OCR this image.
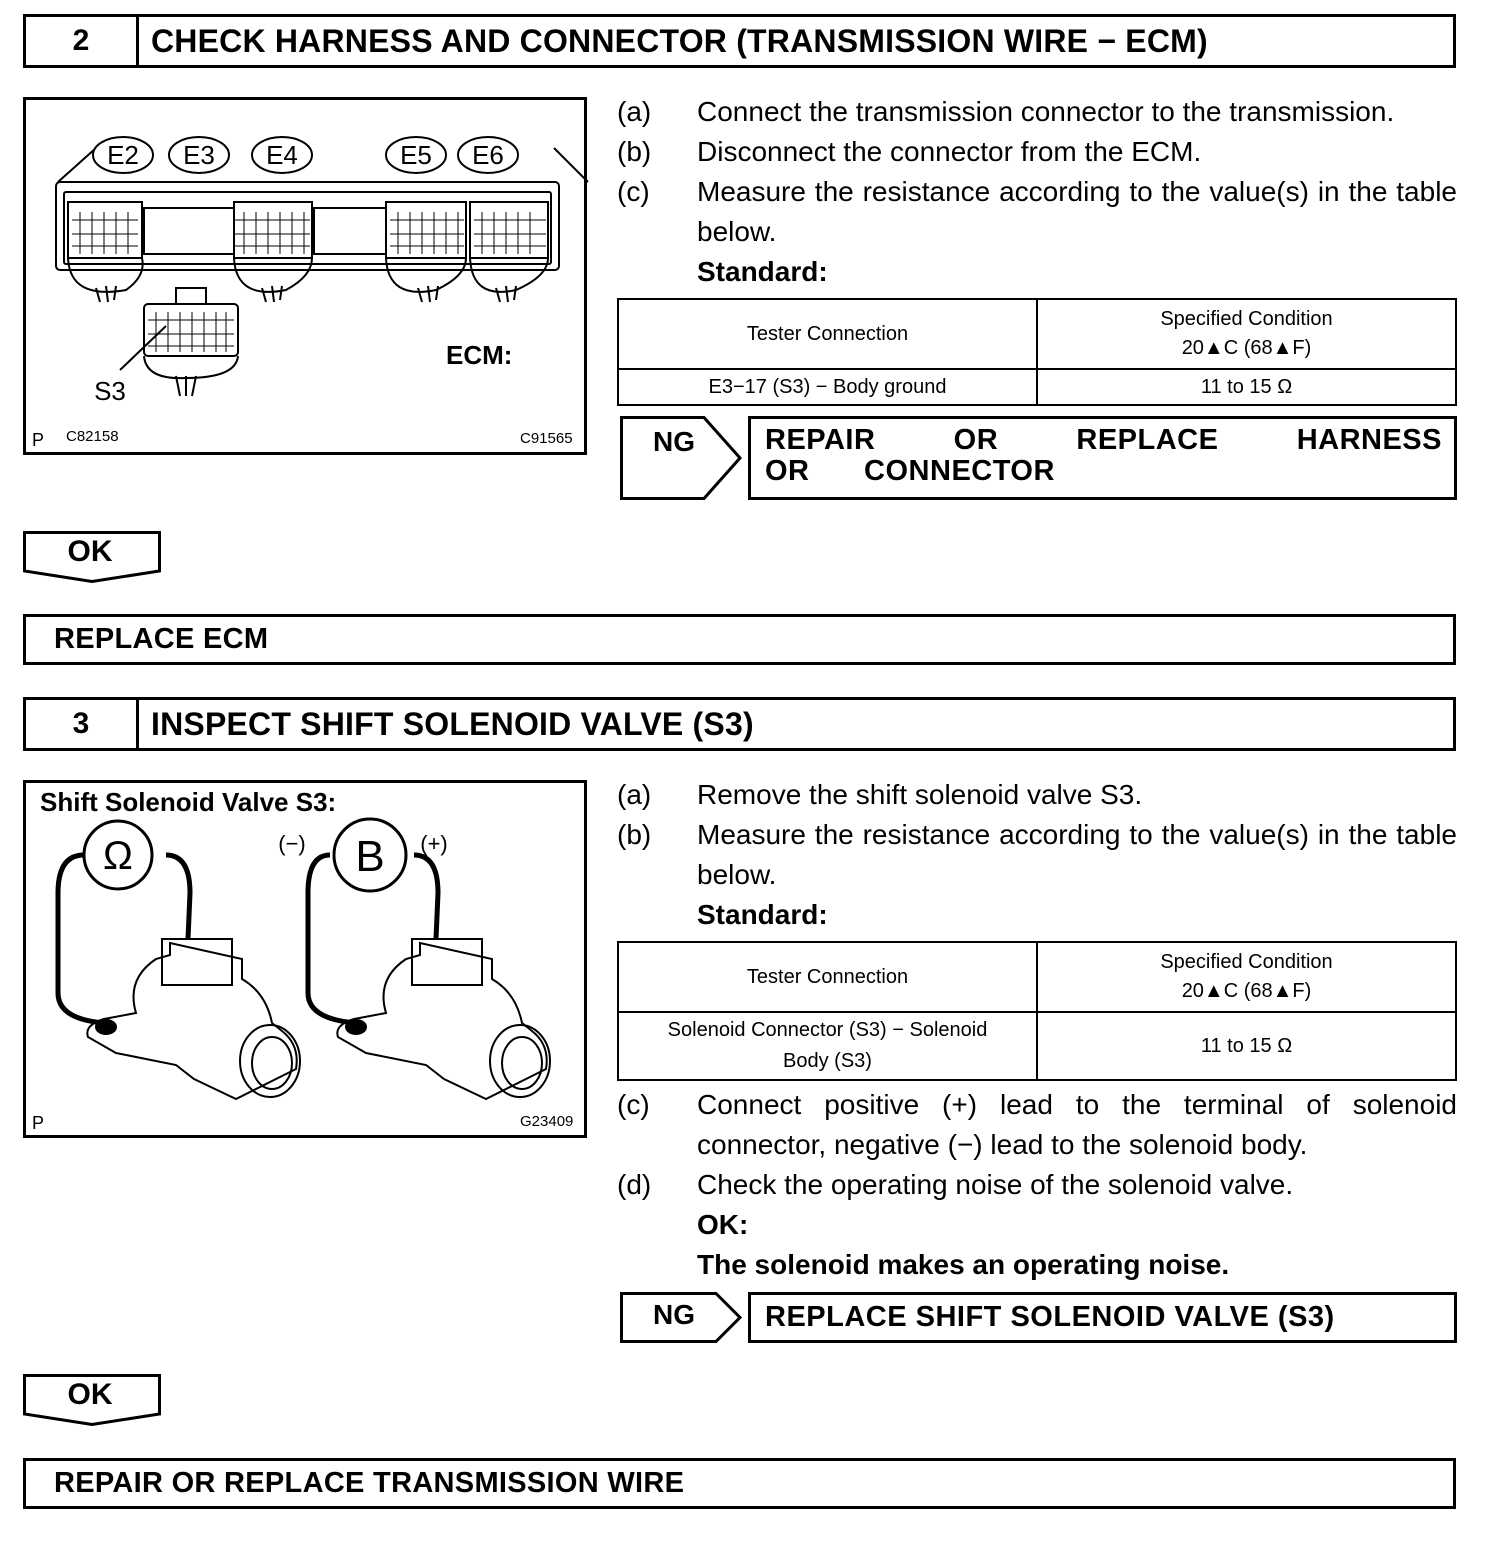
2	CHECK HARNESS AND CONNECTOR (TRANSMISSION WIRE − ECM)
E2 E3 E4	E5 E6
S3
ECM:
P C82158	C91565
(a)	Connect the transmission connector to the transmission.
(b)	Disconnect the connector from the ECM.
(c)	Measure the resistance according to the value(s) in the table below.
Standard:
Tester Connection	Specified Condition
20▲C (68▲F)

E3−17 (S3) − Body ground	11 to 15 Ω
NG	REPAIR OR REPLACE HARNESS OR CONNECTOR
OK
REPLACE ECM
3	INSPECT SHIFT SOLENOID VALVE (S3)
Shift Solenoid Valve S3:
Ω	B
(−)	(+)
P	G23409
(a)	Remove the shift solenoid valve S3.
(b)	Measure the resistance according to the value(s) in the table below.
Standard:
Tester Connection	Specified Condition
20▲C (68▲F)

Solenoid Connector (S3) − Solenoid Body (S3)	11 to 15 Ω
(c)	Connect positive (+) lead to the terminal of solenoid connector, negative (−) lead to the solenoid body.
(d)	Check the operating noise of the solenoid valve.
OK:
The solenoid makes an operating noise.
NG	REPLACE SHIFT SOLENOID VALVE (S3)
OK
REPAIR OR REPLACE TRANSMISSION WIRE
